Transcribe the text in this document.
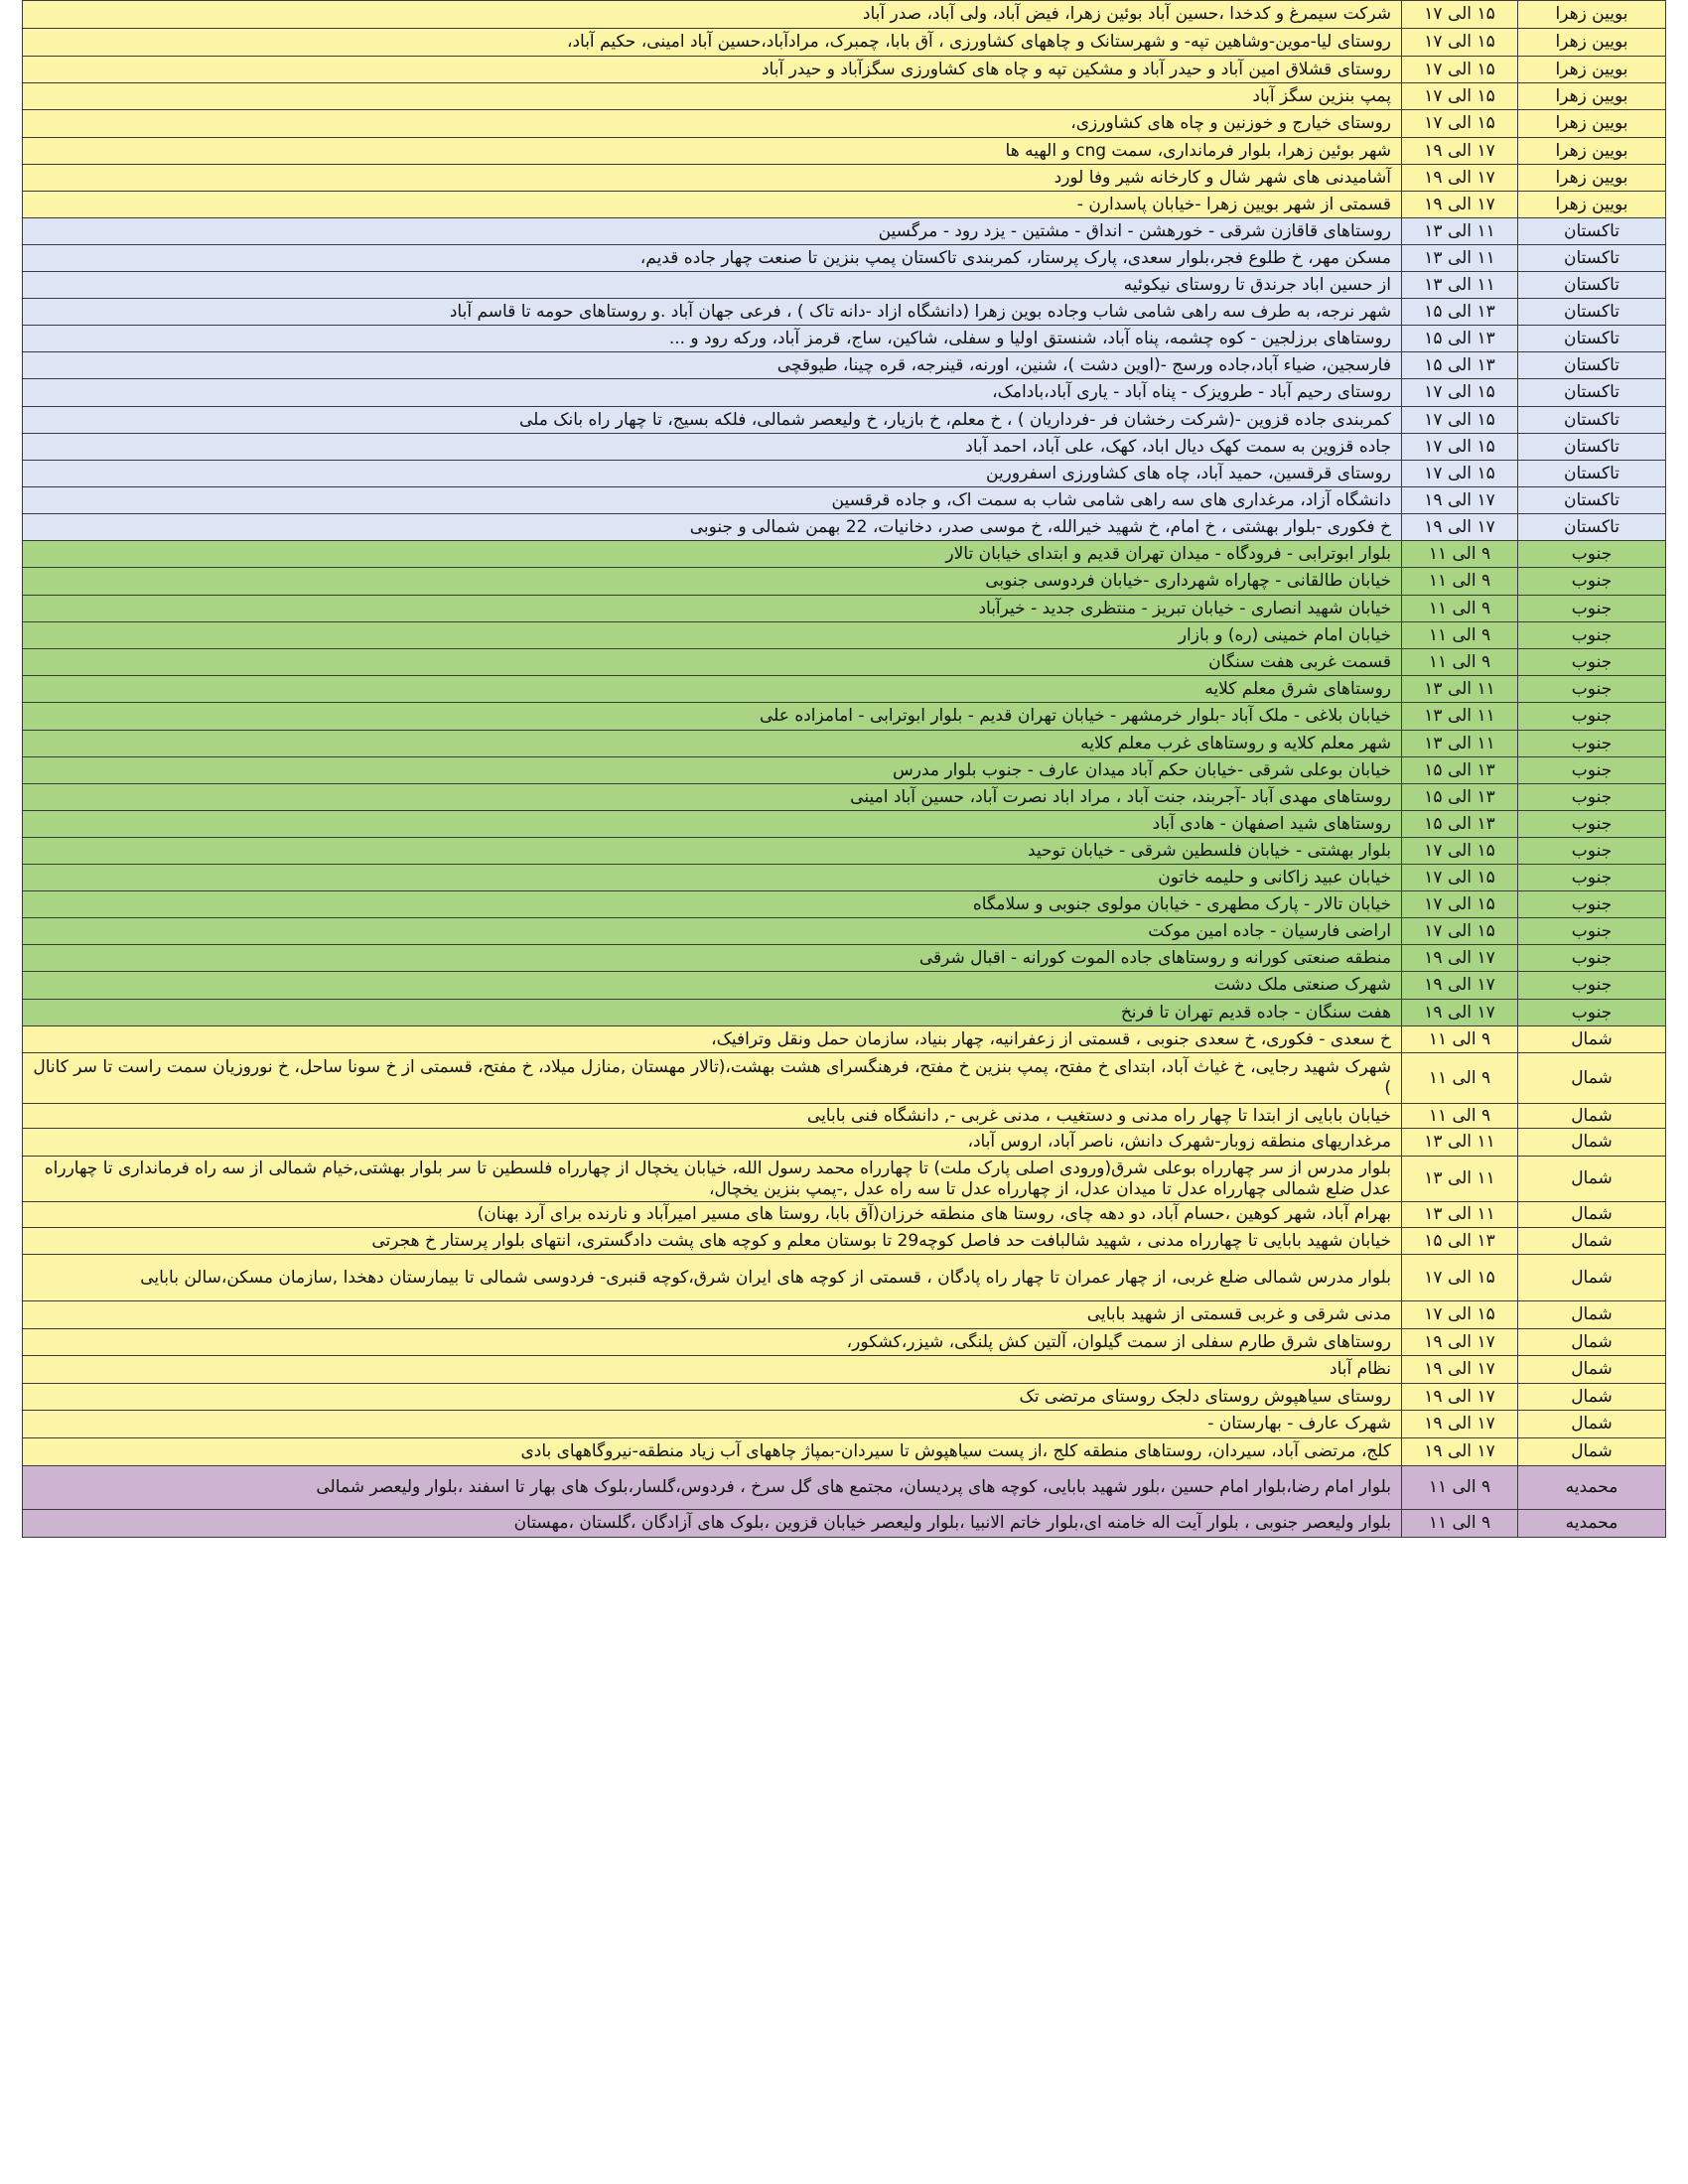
بویین زهرا	۱۵ الی ۱۷	شرکت سیمرغ و کدخدا ،حسین آباد بوئین زهرا، فیض آباد، ولی آباد، صدر آباد
بویین زهرا	۱۵ الی ۱۷	روستای لیا-موین-وشاهین تپه- و شهرستانک و چاههای کشاورزی ، آق بابا، چمبرک، مرادآباد،حسین آباد امینی، حکیم آباد،
بویین زهرا	۱۵ الی ۱۷	روستای قشلاق امین آباد و حیدر آباد و مشکین تپه و چاه های کشاورزی سگزآباد و حیدر آباد
بویین زهرا	۱۵ الی ۱۷	پمپ بنزین سگز آباد
بویین زهرا	۱۵ الی ۱۷	روستای خیارج و خوزنین و چاه های کشاورزی،
بویین زهرا	۱۷ الی ۱۹	شهر بوئین زهرا، بلوار فرمانداری، سمت cng و الهیه ها
بویین زهرا	۱۷ الی ۱۹	آشامیدنی های شهر شال و کارخانه شیر وفا لورد
بویین زهرا	۱۷ الی ۱۹	قسمتی از شهر بویین زهرا -خیابان پاسدارن -
تاکستان	۱۱ الی ۱۳	روستاهای قاقازن شرقی - خورهشن - انداق - مشتین - یزد رود - مرگسین
تاکستان	۱۱ الی ۱۳	مسکن مهر، خ طلوع فجر،بلوار سعدی، پارک پرستار، کمربندی تاکستان پمپ بنزین تا صنعت چهار جاده قدیم،
تاکستان	۱۱ الی ۱۳	از حسین اباد جرندق تا روستای نیکوئیه
تاکستان	۱۳ الی ۱۵	شهر نرجه، به طرف سه راهی شامی شاب وجاده بوین زهرا (دانشگاه ازاد -دانه تاک ) ، فرعی جهان آباد .و روستاهای حومه تا قاسم آباد
تاکستان	۱۳ الی ۱۵	روستاهای برزلجین - کوه چشمه، پناه آباد، شنستق اولیا و سفلی، شاکین، ساج، قرمز آباد، ورکه رود و ...
تاکستان	۱۳ الی ۱۵	فارسجین، ضیاء آباد،جاده ورسج -(اوین دشت )، شنین، اورنه، قینرجه، قره چینا، طیوقچی
تاکستان	۱۵ الی ۱۷	روستای رحیم آباد - طرویزک - پناه آباد - یاری آباد،بادامک،
تاکستان	۱۵ الی ۱۷	کمربندی جاده قزوین -(شرکت رخشان فر -فرداریان ) ، خ معلم، خ بازیار، خ ولیعصر شمالی، فلکه بسیج، تا چهار راه بانک ملی
تاکستان	۱۵ الی ۱۷	جاده قزوین به سمت کهک دیال اباد، کهک، علی آباد، احمد آباد
تاکستان	۱۵ الی ۱۷	روستای قرقسین، حمید آباد، چاه های کشاورزی اسفرورین
تاکستان	۱۷ الی ۱۹	دانشگاه آزاد، مرغداری های سه راهی شامی شاب به سمت اک، و جاده قرقسین
تاکستان	۱۷ الی ۱۹	خ فکوری -بلوار بهشتی ، خ امام، خ شهید خیرالله، خ موسی صدر، دخانیات، 22 بهمن شمالی و جنوبی
جنوب	۹ الی ۱۱	بلوار ابوترابی - فرودگاه - میدان تهران قدیم و ابتدای خیابان تالار
جنوب	۹ الی ۱۱	خیابان طالقانی - چهاراه شهرداری -خیابان فردوسی جنوبی
جنوب	۹ الی ۱۱	خیابان شهید انصاری - خیابان تبریز - منتظری جدید - خیرآباد
جنوب	۹ الی ۱۱	خیابان امام خمینی (ره) و بازار
جنوب	۹ الی ۱۱	قسمت غربی هفت سنگان
جنوب	۱۱ الی ۱۳	روستاهای شرق معلم کلایه
جنوب	۱۱ الی ۱۳	خیابان بلاغی - ملک آباد -بلوار خرمشهر - خیابان تهران قدیم - بلوار ابوترابی - امامزاده علی
جنوب	۱۱ الی ۱۳	شهر معلم کلایه و روستاهای غرب معلم کلایه
جنوب	۱۳ الی ۱۵	خیابان بوعلی شرقی -خیابان حکم آباد میدان عارف - جنوب بلوار مدرس
جنوب	۱۳ الی ۱۵	روستاهای مهدی آباد -آجربند، جنت آباد ، مراد اباد نصرت آباد، حسین آباد امینی
جنوب	۱۳ الی ۱۵	روستاهای شید اصفهان - هادی آباد
جنوب	۱۵ الی ۱۷	بلوار بهشتی - خیابان فلسطین شرقی - خیابان توحید
جنوب	۱۵ الی ۱۷	خیابان عبید زاکانی و حلیمه خاتون
جنوب	۱۵ الی ۱۷	خیابان تالار - پارک مطهری - خیابان مولوی جنوبی و سلامگاه
جنوب	۱۵ الی ۱۷	اراضی فارسیان - جاده امین موکت
جنوب	۱۷ الی ۱۹	منطقه صنعتی کورانه و روستاهای جاده الموت کورانه - اقبال شرقی
جنوب	۱۷ الی ۱۹	شهرک صنعتی ملک دشت
جنوب	۱۷ الی ۱۹	هفت سنگان - جاده قدیم تهران تا فرنخ
شمال	۹ الی ۱۱	خ سعدی - فکوری، خ سعدی جنوبی ، قسمتی از زعفرانیه، چهار بنیاد، سازمان حمل ونقل وترافیک،
شمال	۹ الی ۱۱	شهرک شهید رجایی، خ غیاث آباد، ابتدای خ مفتح، پمپ بنزین خ مفتح، فرهنگسرای هشت بهشت،(تالار مهستان ,منازل میلاد، خ مفتح، قسمتی از خ سونا ساحل، خ نوروزیان سمت راست تا سر کانال )
شمال	۹ الی ۱۱	خیابان بابایی از ابتدا تا چهار راه مدنی و دستغیب ، مدنی غربی -, دانشگاه فنی بابایی
شمال	۱۱ الی ۱۳	مرغداریهای منطقه زوبار-شهرک دانش، ناصر آباد، اروس آباد،
شمال	۱۱ الی ۱۳	بلوار مدرس از سر چهارراه بوعلی شرق(ورودی اصلی پارک ملت) تا چهارراه محمد رسول الله، خیابان یخچال از چهارراه فلسطین تا سر بلوار بهشتی,خیام شمالی از سه راه فرمانداری تا چهارراه عدل ضلع شمالی چهارراه عدل تا میدان عدل، از چهارراه عدل تا سه راه عدل ,-پمپ بنزین یخچال،
شمال	۱۱ الی ۱۳	بهرام آباد، شهر کوهین ،حسام آباد، دو دهه چای، روستا های منطقه خرزان(آق بابا، روستا های مسیر امیرآباد و نارنده برای آرد بهنان)
شمال	۱۳ الی ۱۵	خیابان شهید بابایی تا چهارراه مدنی ، شهید شالبافت حد فاصل کوچه29 تا بوستان معلم و کوچه های پشت دادگستری، انتهای بلوار پرستار خ هجرتی
شمال	۱۵ الی ۱۷	بلوار مدرس شمالی ضلع غربی، از چهار عمران تا چهار راه پادگان ، قسمتی از کوچه های ایران شرق،کوچه قنبری- فردوسی شمالی تا بیمارستان دهخدا ,سازمان مسکن،سالن بابایی
شمال	۱۵ الی ۱۷	مدنی شرقی و غربی قسمتی از شهید بابایی
شمال	۱۷ الی ۱۹	روستاهای شرق طارم سفلی از سمت گیلوان، آلتین کش پلنگی، شیزر،کشکور،
شمال	۱۷ الی ۱۹	نظام آباد
شمال	۱۷ الی ۱۹	روستای سیاهپوش روستای دلجک روستای مرتضی تک
شمال	۱۷ الی ۱۹	شهرک عارف - بهارستان -
شمال	۱۷ الی ۱۹	کلج، مرتضی آباد، سیردان، روستاهای منطقه کلج ،از پست سیاهپوش تا سیردان-بمپاژ چاههای آب زیاد منطقه-نیروگاههای بادی
محمدیه	۹ الی ۱۱	بلوار امام رضا،بلوار امام حسین ،بلور شهید بابایی، کوچه های پردیسان، مجتمع های گل سرخ ، فردوس،گلسار،بلوک های بهار تا اسفند ،بلوار ولیعصر شمالی
محمدیه	۹ الی ۱۱	بلوار ولیعصر جنوبی ، بلوار آیت اله خامنه ای،بلوار خاتم الانبیا ،بلوار ولیعصر خیابان قزوین ،بلوک های آزادگان ،گلستان ،مهستان
